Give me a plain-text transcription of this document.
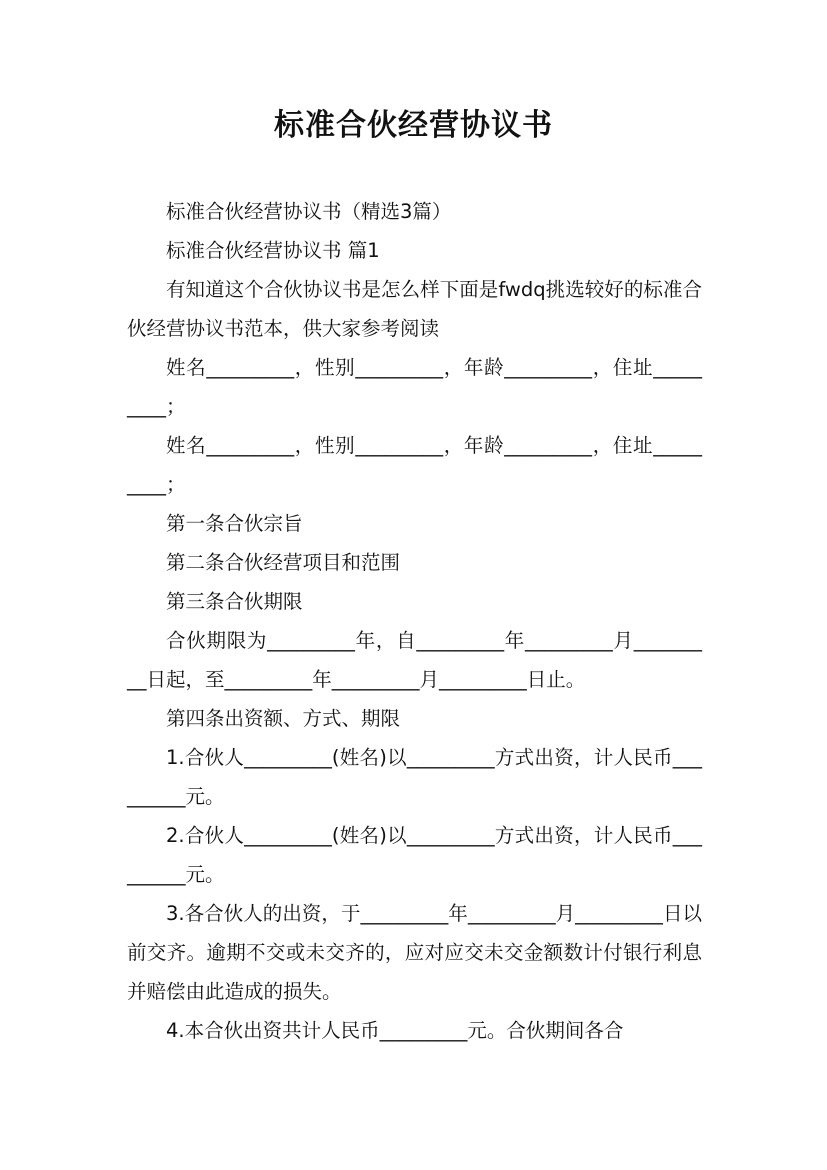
标准合伙经营协议书

标准合伙经营协议书（精选3篇）

标准合伙经营协议书 篇1

有知道这个合伙协议书是怎么样下面是fwdq挑选较好的标准合伙经营协议书范本，供大家参考阅读

姓名_________，性别_________，年龄_________，住址_________；

姓名_________，性别_________，年龄_________，住址_________；

第一条合伙宗旨

第二条合伙经营项目和范围

第三条合伙期限

合伙期限为_________年，自_________年_________月_________日起，至_________年_________月_________日止。

第四条出资额、方式、期限

1.合伙人_________(姓名)以_________方式出资，计人民币_________元。

2.合伙人_________(姓名)以_________方式出资，计人民币_________元。

3.各合伙人的出资，于_________年_________月_________日以前交齐。逾期不交或未交齐的，应对应交未交金额数计付银行利息并赔偿由此造成的损失。

4.本合伙出资共计人民币_________元。合伙期间各合
